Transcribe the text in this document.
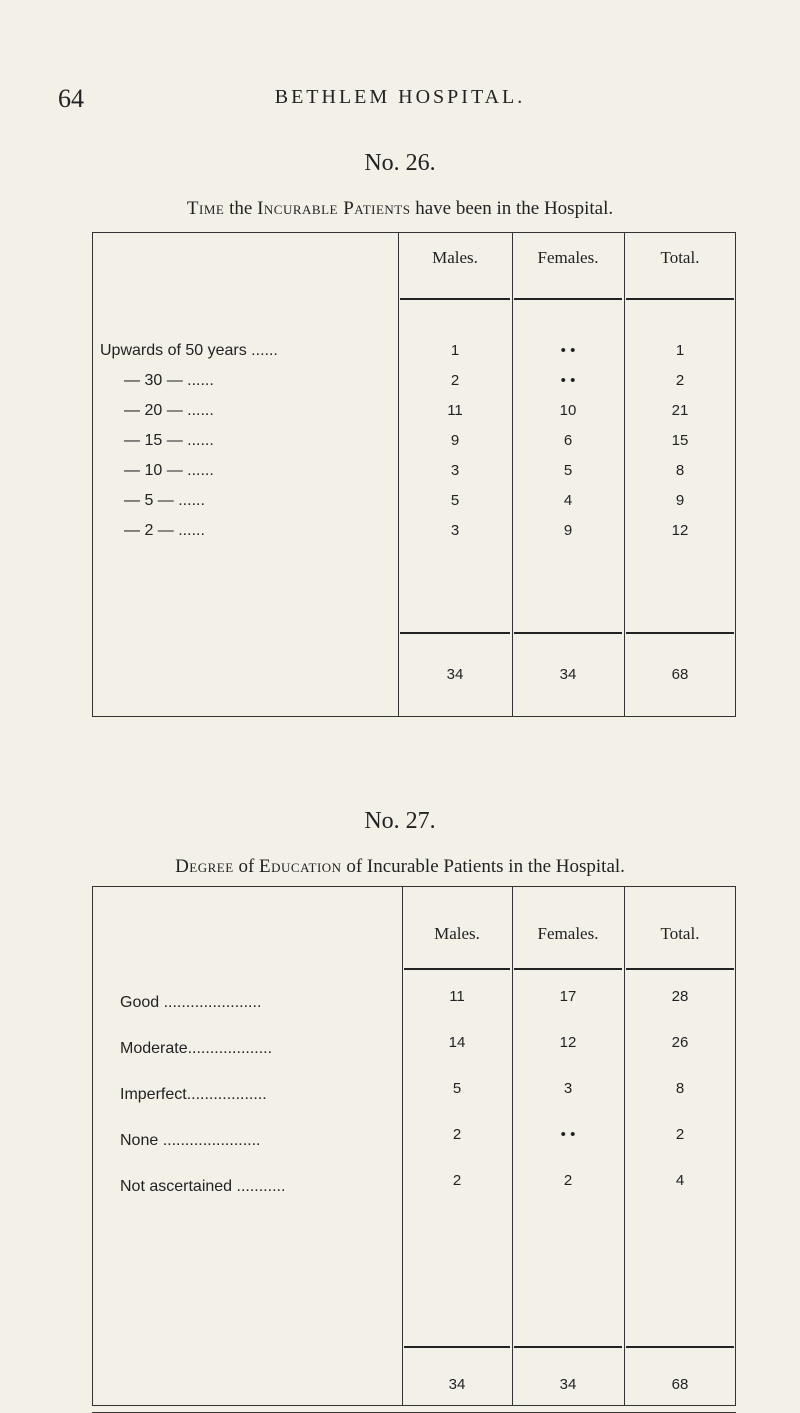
64	BETHLEM HOSPITAL.
No. 26.
Time the Incurable Patients have been in the Hospital.
Males.	Females.	Total.
Upwards of 50 years ......	1	• •	1
— 30 — ......	2	• •	2
— 20 — ......	11	10	21
— 15 — ......	9	6	15
— 10 — ......	3	5	8
— 5 — ......	5	4	9
— 2 — ......	3	9	12
34	34	68
No. 27.
Degree of Education of Incurable Patients in the Hospital.
Males.	Females.	Total.
Good ......................	11	17	28
Moderate...................	14	12	26
Imperfect..................	5	3	8
None ......................	2	• •	2
Not ascertained ...........	2	2	4
34	34	68
